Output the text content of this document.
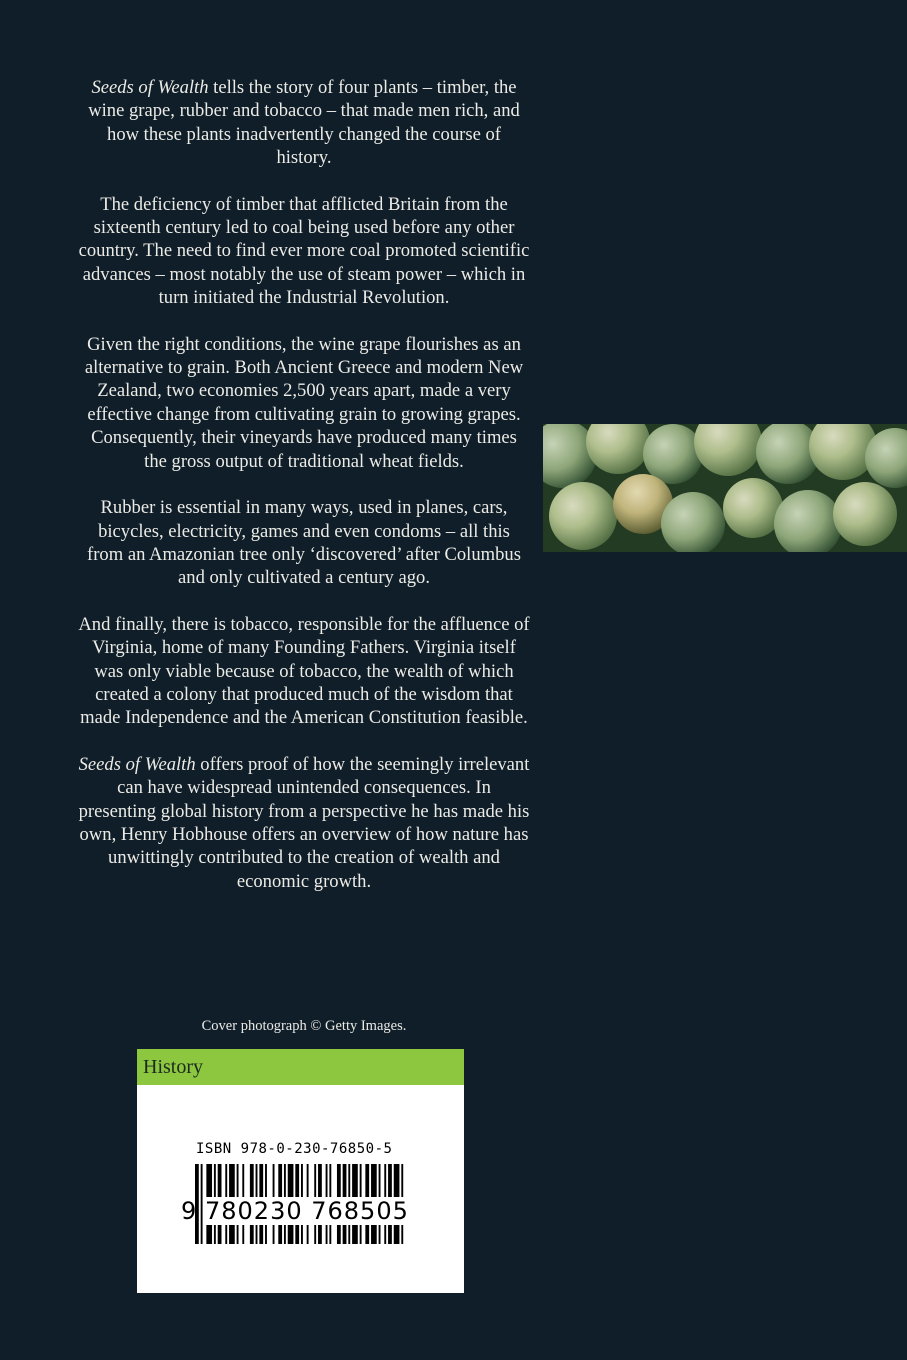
Seeds of Wealth tells the story of four plants – timber, the wine grape, rubber and tobacco – that made men rich, and how these plants inadvertently changed the course of history.

The deficiency of timber that afflicted Britain from the sixteenth century led to coal being used before any other country. The need to find ever more coal promoted scientific advances – most notably the use of steam power – which in turn initiated the Industrial Revolution.

Given the right conditions, the wine grape flourishes as an alternative to grain. Both Ancient Greece and modern New Zealand, two economies 2,500 years apart, made a very effective change from cultivating grain to growing grapes. Consequently, their vineyards have produced many times the gross output of traditional wheat fields.

Rubber is essential in many ways, used in planes, cars, bicycles, electricity, games and even condoms – all this from an Amazonian tree only ‘discovered’ after Columbus and only cultivated a century ago.

And finally, there is tobacco, responsible for the affluence of Virginia, home of many Founding Fathers. Virginia itself was only viable because of tobacco, the wealth of which created a colony that produced much of the wisdom that made Independence and the American Constitution feasible.

Seeds of Wealth offers proof of how the seemingly irrelevant can have widespread unintended consequences. In presenting global history from a perspective he has made his own, Henry Hobhouse offers an overview of how nature has unwittingly contributed to the creation of wealth and economic growth.

Cover photograph © Getty Images.
History
ISBN 978-0-230-76850-5
9 780230 768505
